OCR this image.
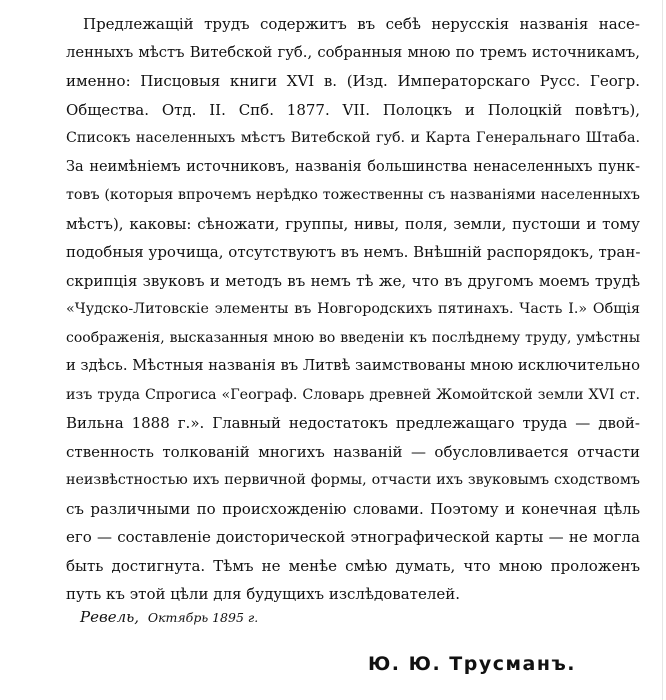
Предлежащій трудъ содержитъ въ себѣ нерусскія названія насе-
ленныхъ мѣстъ Витебской губ., собранныя мною по тремъ источникамъ,
именно: Писцовыя книги XVI в. (Изд. Императорскаго Русс. Геогр.
Общества. Отд. II. Спб. 1877. VII. Полоцкъ и Полоцкій повѣтъ),
Списокъ населенныхъ мѣстъ Витебской губ. и Карта Генеральнаго Штаба.
За неимѣніемъ источниковъ, названія большинства ненаселенныхъ пунк-
товъ (которыя впрочемъ нерѣдко тожественны съ названіями населенныхъ
мѣстъ), каковы: сѣножати, группы, нивы, поля, земли, пустоши и тому
подобныя урочища, отсутствуютъ въ немъ. Внѣшній распорядокъ, тран-
скрипція звуковъ и методъ въ немъ тѣ же, что въ другомъ моемъ трудѣ
«Чудско-Литовскіе элементы въ Новгородскихъ пятинахъ. Часть I.» Общія
соображенія, высказанныя мною во введеніи къ послѣднему труду, умѣстны
и здѣсь. Мѣстныя названія въ Литвѣ заимствованы мною исключительно
изъ труда Спрогиса «Географ. Словарь древней Жомойтской земли XVI ст.
Вильна 1888 г.». Главный недостатокъ предлежащаго труда — двой-
ственность толкованій многихъ названій — обусловливается отчасти
неизвѣстностью ихъ первичной формы, отчасти ихъ звуковымъ сходствомъ
съ различными по происхожденію словами. Поэтому и конечная цѣль
его — составленіе доисторической этнографической карты — не могла
быть достигнута. Тѣмъ не менѣе смѣю думать, что мною проложенъ
путь къ этой цѣли для будущихъ изслѣдователей.
Ревель, Октябрь 1895 г.
Ю. Ю. Трусманъ.
